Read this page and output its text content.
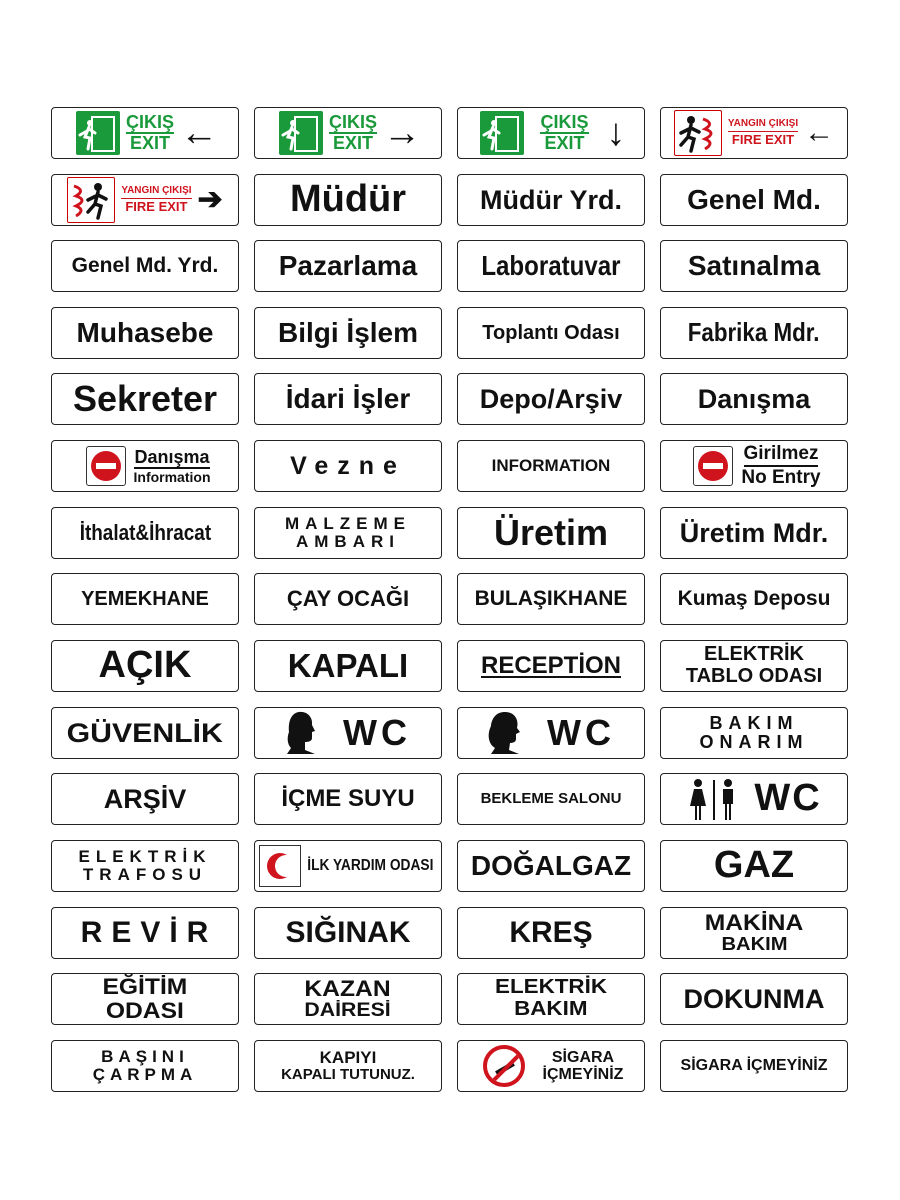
ÇIKIŞ
EXIT ←	ÇIKIŞ
EXIT →	ÇIKIŞ
EXIT ↓	YANGIN ÇIKIŞI
FIRE EXIT ←
YANGIN ÇIKIŞI
FIRE EXIT ➔ Müdür	Müdür Yrd. Genel Md.
Genel Md. Yrd. Pazarlama Laboratuvar Satınalma
Muhasebe Bilgi İşlem	Toplantı Odası	Fabrika Mdr.
Sekreter İdari İşler	Depo/Arşiv	Danışma
Danışma
Information	Vezne	INFORMATION
Girilmez
No Entry
İthalat&İhracat	MALZEME
AMBARI	Üretim	Üretim Mdr.
YEMEKHANE	ÇAY OCAĞI	BULAŞIKHANE Kumaş Deposu
AÇIK	KAPALI	RECEPTİON	ELEKTRİK
TABLO ODASI
GÜVENLİK	WC	WC	BAKIM
ONARIM
ARŞİV	İÇME SUYU	BEKLEME SALONU	WC
ELEKTRİK
TRAFOSU	İLK YARDIM ODASI DOĞALGAZ GAZ
REVİR SIĞINAK	KREŞ	MAKİNA
BAKIM
EĞİTİM
ODASI
KAZAN
DAİRESİ
ELEKTRİK
BAKIM	DOKUNMA
BAŞINI
ÇARPMA
KAPIYI
KAPALI TUTUNUZ.
SİGARA
İÇMEYİNİZ
SİGARA İÇMEYİNİZ
